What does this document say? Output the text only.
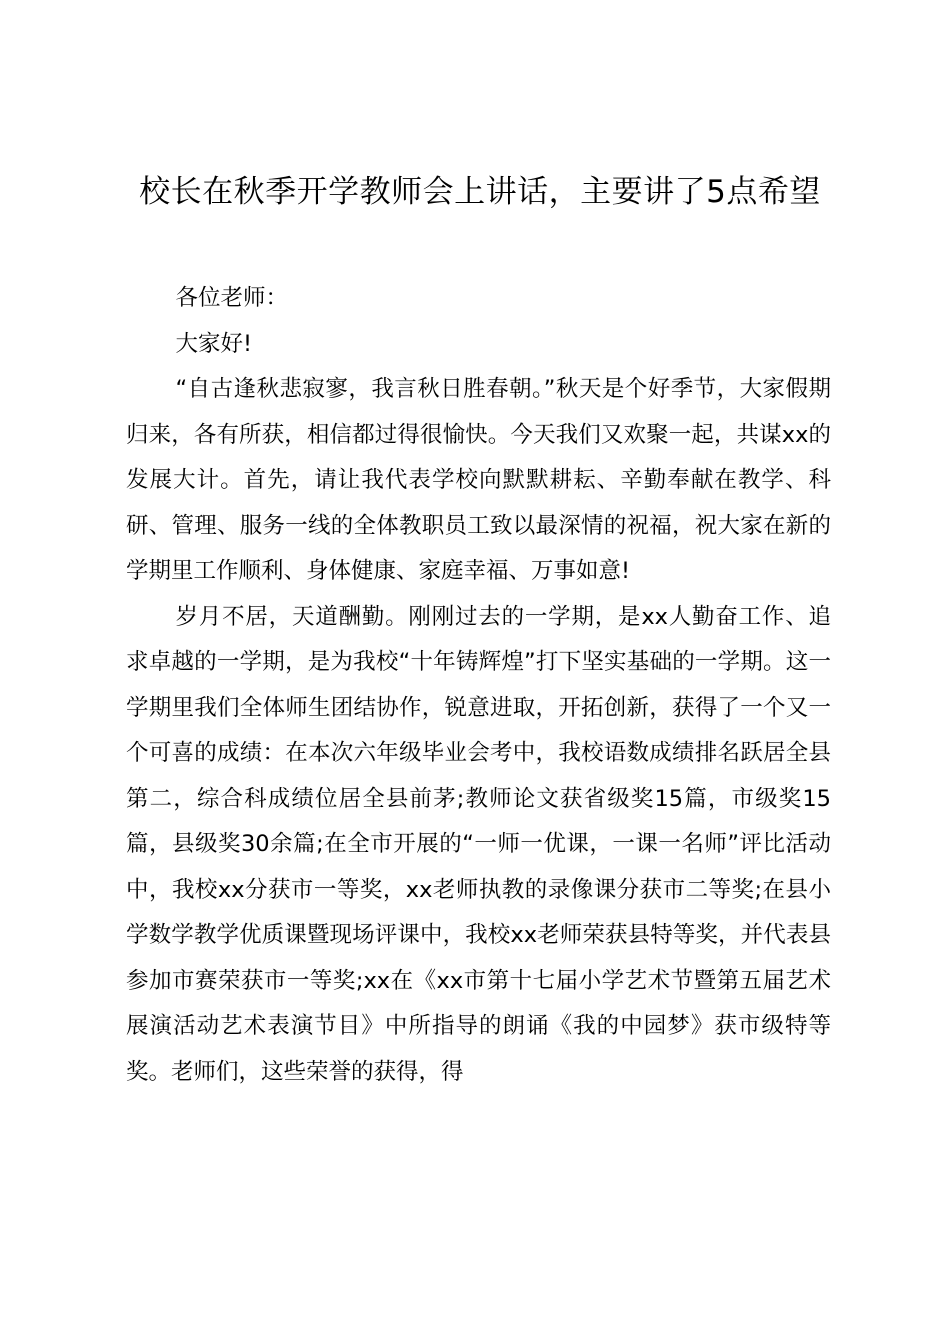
校长在秋季开学教师会上讲话，主要讲了5点希望

各位老师：

大家好!

“自古逢秋悲寂寥，我言秋日胜春朝。”秋天是个好季节，大家假期归来，各有所获，相信都过得很愉快。今天我们又欢聚一起，共谋xx的发展大计。首先，请让我代表学校向默默耕耘、辛勤奉献在教学、科研、管理、服务一线的全体教职员工致以最深情的祝福，祝大家在新的学期里工作顺利、身体健康、家庭幸福、万事如意!

岁月不居，天道酬勤。刚刚过去的一学期，是xx人勤奋工作、追求卓越的一学期，是为我校“十年铸辉煌”打下坚实基础的一学期。这一学期里我们全体师生团结协作，锐意进取，开拓创新，获得了一个又一个可喜的成绩：在本次六年级毕业会考中，我校语数成绩排名跃居全县第二，综合科成绩位居全县前茅;教师论文获省级奖15篇，市级奖15篇，县级奖30余篇;在全市开展的“一师一优课，一课一名师”评比活动中，我校xx分获市一等奖，xx老师执教的录像课分获市二等奖;在县小学数学教学优质课暨现场评课中，我校xx老师荣获县特等奖，并代表县参加市赛荣获市一等奖;xx在《xx市第十七届小学艺术节暨第五届艺术展演活动艺术表演节目》中所指导的朗诵《我的中园梦》获市级特等奖。老师们，这些荣誉的获得，得
